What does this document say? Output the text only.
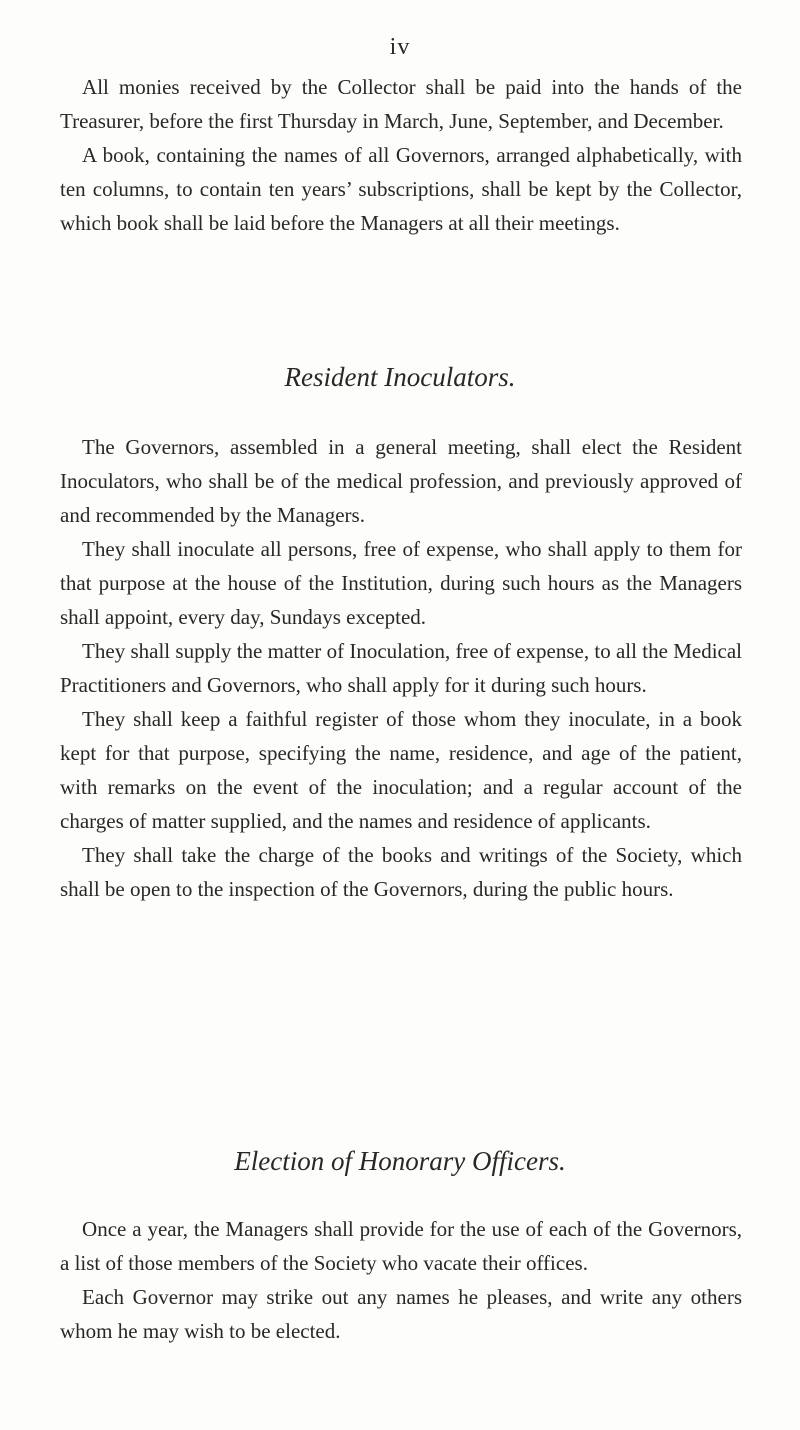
iv

All monies received by the Collector shall be paid into the hands of the Treasurer, before the first Thursday in March, June, September, and December.

A book, containing the names of all Governors, arranged alphabetically, with ten columns, to contain ten years’ subscriptions, shall be kept by the Collector, which book shall be laid before the Managers at all their meetings.

Resident Inoculators.

The Governors, assembled in a general meeting, shall elect the Resident Inoculators, who shall be of the medical profession, and previously approved of and recommended by the Managers.

They shall inoculate all persons, free of expense, who shall apply to them for that purpose at the house of the Institution, during such hours as the Managers shall appoint, every day, Sundays excepted.

They shall supply the matter of Inoculation, free of expense, to all the Medical Practitioners and Governors, who shall apply for it during such hours.

They shall keep a faithful register of those whom they inoculate, in a book kept for that purpose, specifying the name, residence, and age of the patient, with remarks on the event of the inoculation; and a regular account of the charges of matter supplied, and the names and residence of applicants.

They shall take the charge of the books and writings of the Society, which shall be open to the inspection of the Governors, during the public hours.

Election of Honorary Officers.

Once a year, the Managers shall provide for the use of each of the Governors, a list of those members of the Society who vacate their offices.

Each Governor may strike out any names he pleases, and write any others whom he may wish to be elected.
